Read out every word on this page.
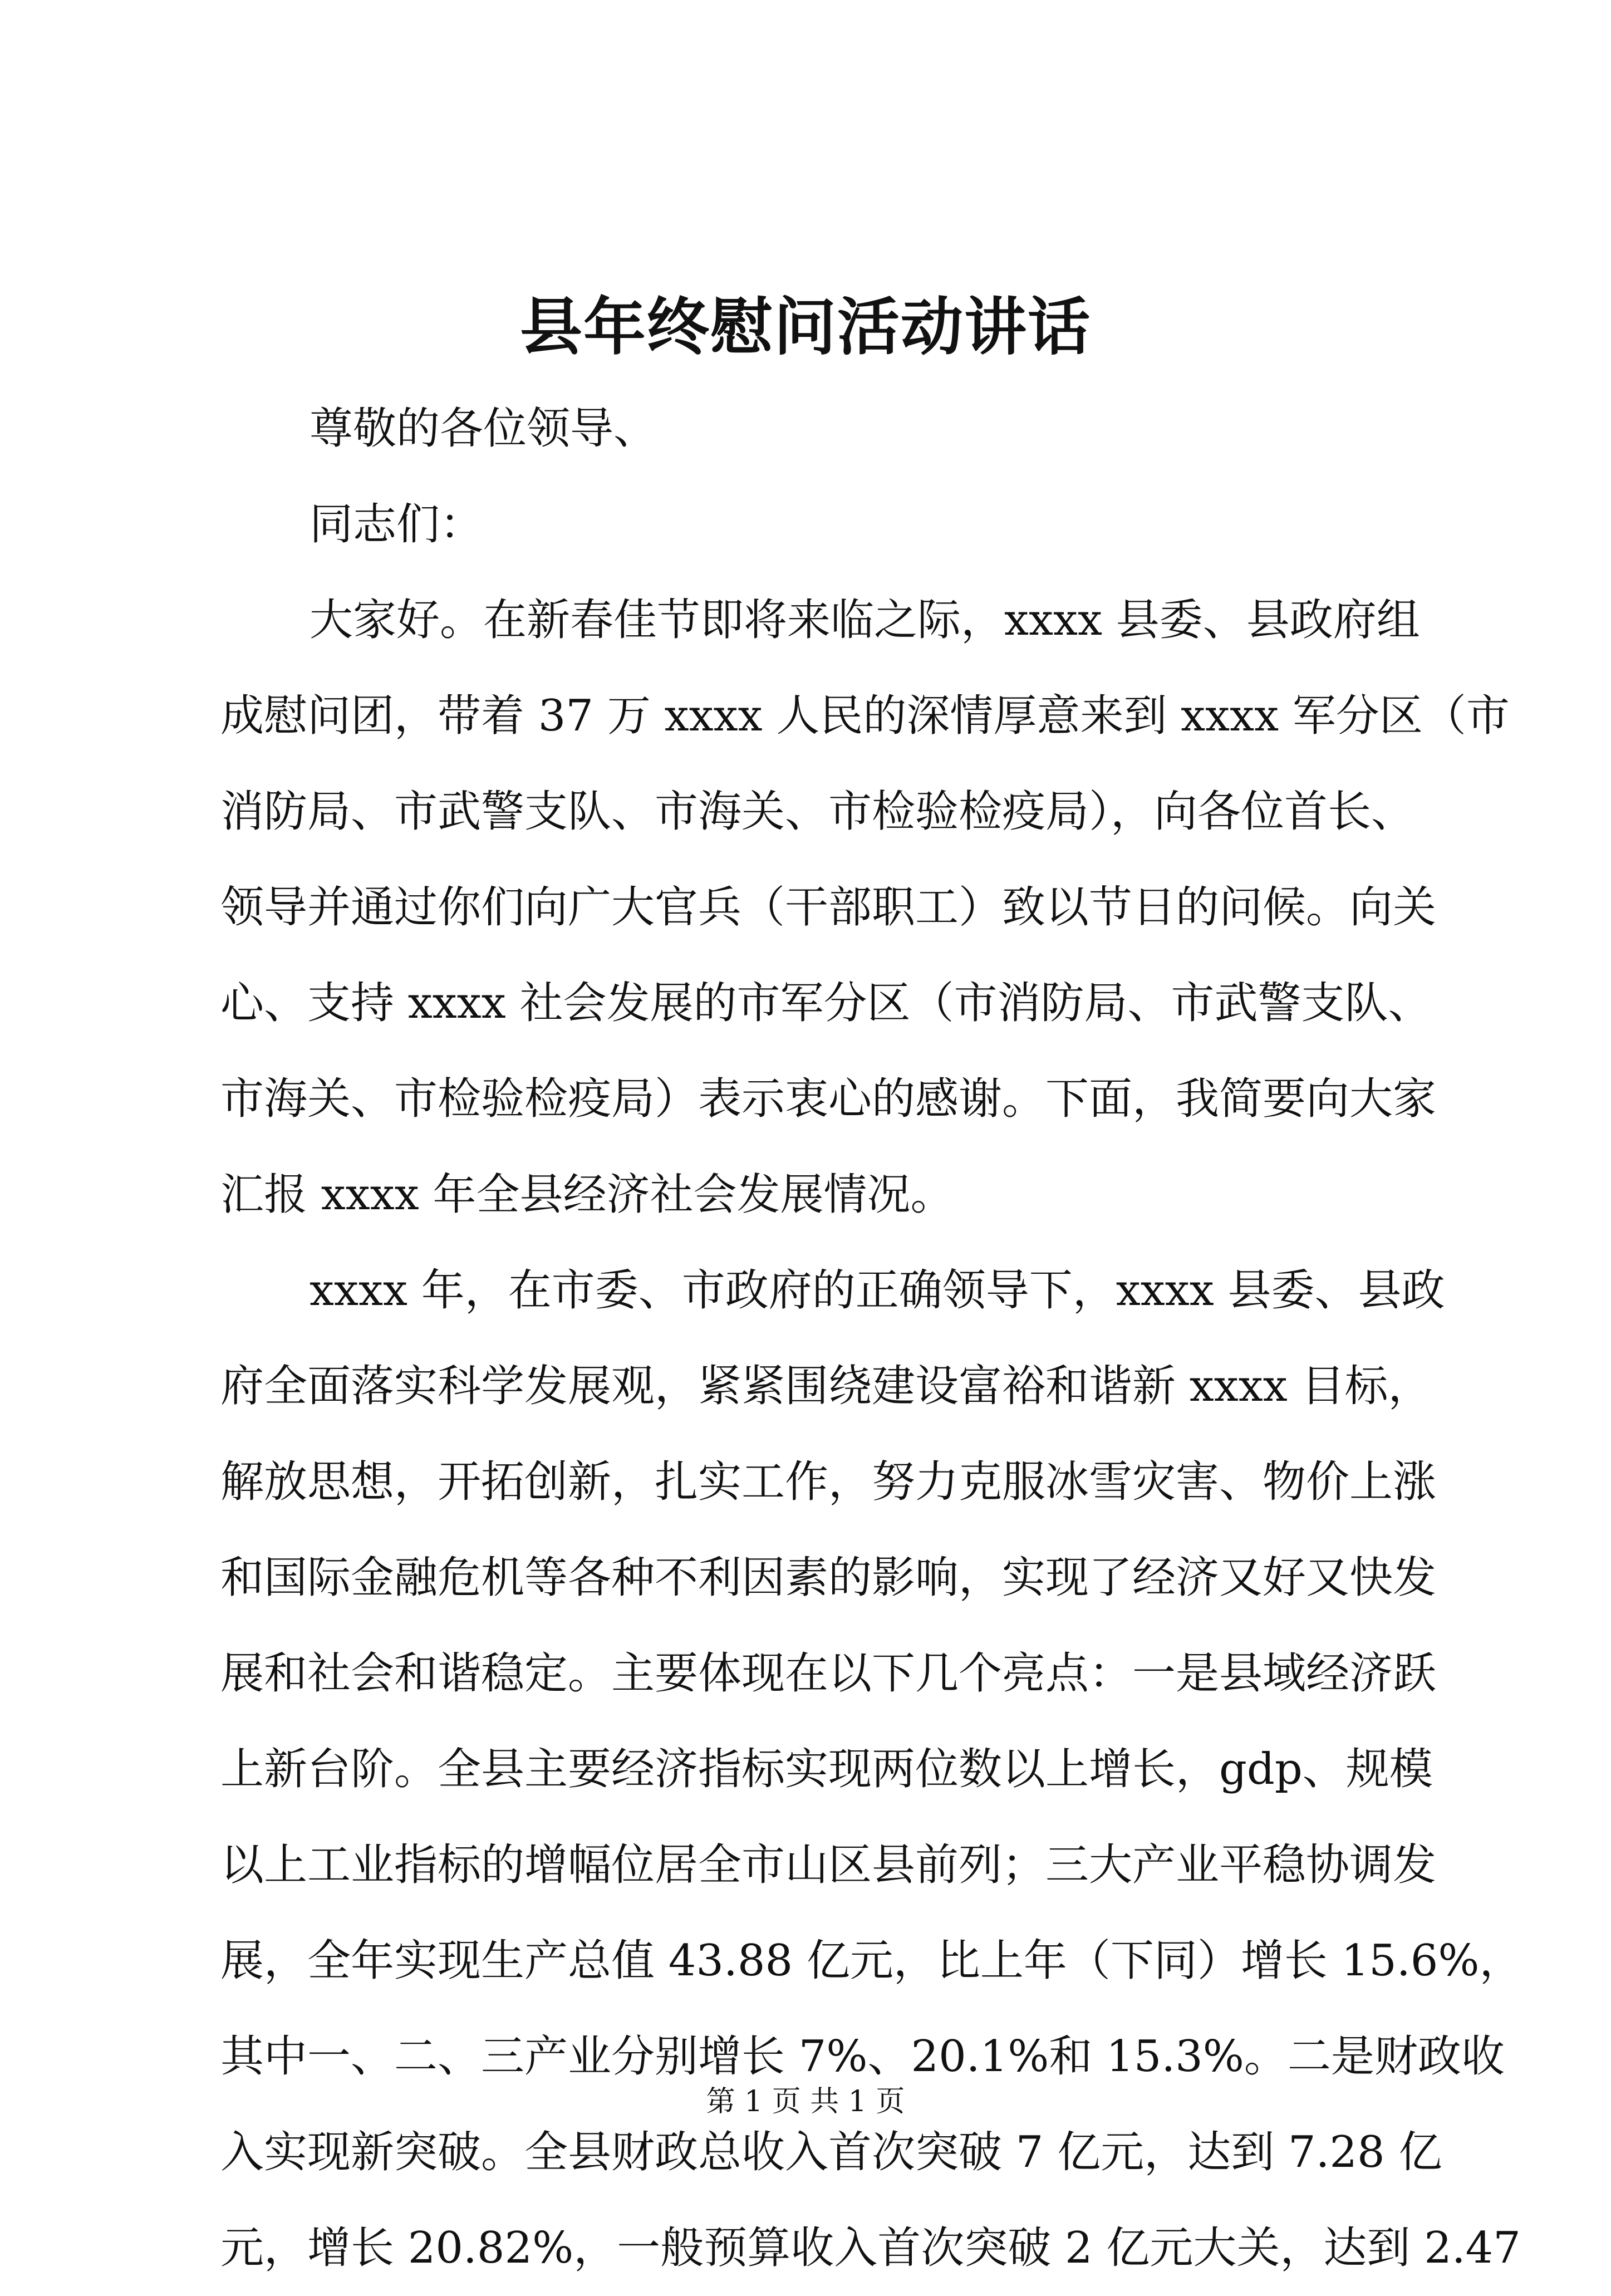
县年终慰问活动讲话

尊敬的各位领导、

同志们：

大家好。在新春佳节即将来临之际，xxxx 县委、县政府组

成慰问团，带着 37 万 xxxx 人民的深情厚意来到 xxxx 军分区（市

消防局、市武警支队、市海关、市检验检疫局），向各位首长、

领导并通过你们向广大官兵（干部职工）致以节日的问候。向关

心、支持 xxxx 社会发展的市军分区（市消防局、市武警支队、

市海关、市检验检疫局）表示衷心的感谢。下面，我简要向大家

汇报 xxxx 年全县经济社会发展情况。

xxxx 年，在市委、市政府的正确领导下，xxxx 县委、县政

府全面落实科学发展观，紧紧围绕建设富裕和谐新 xxxx 目标，

解放思想，开拓创新，扎实工作，努力克服冰雪灾害、物价上涨

和国际金融危机等各种不利因素的影响，实现了经济又好又快发

展和社会和谐稳定。主要体现在以下几个亮点：一是县域经济跃

上新台阶。全县主要经济指标实现两位数以上增长，gdp、规模

以上工业指标的增幅位居全市山区县前列；三大产业平稳协调发

展，全年实现生产总值 43.88 亿元，比上年（下同）增长 15.6%，

其中一、二、三产业分别增长 7%、20.1%和 15.3%。二是财政收

入实现新突破。全县财政总收入首次突破 7 亿元，达到 7.28 亿

元，增长 20.82%，一般预算收入首次突破 2 亿元大关，达到 2.47

第 1 页 共 1 页
